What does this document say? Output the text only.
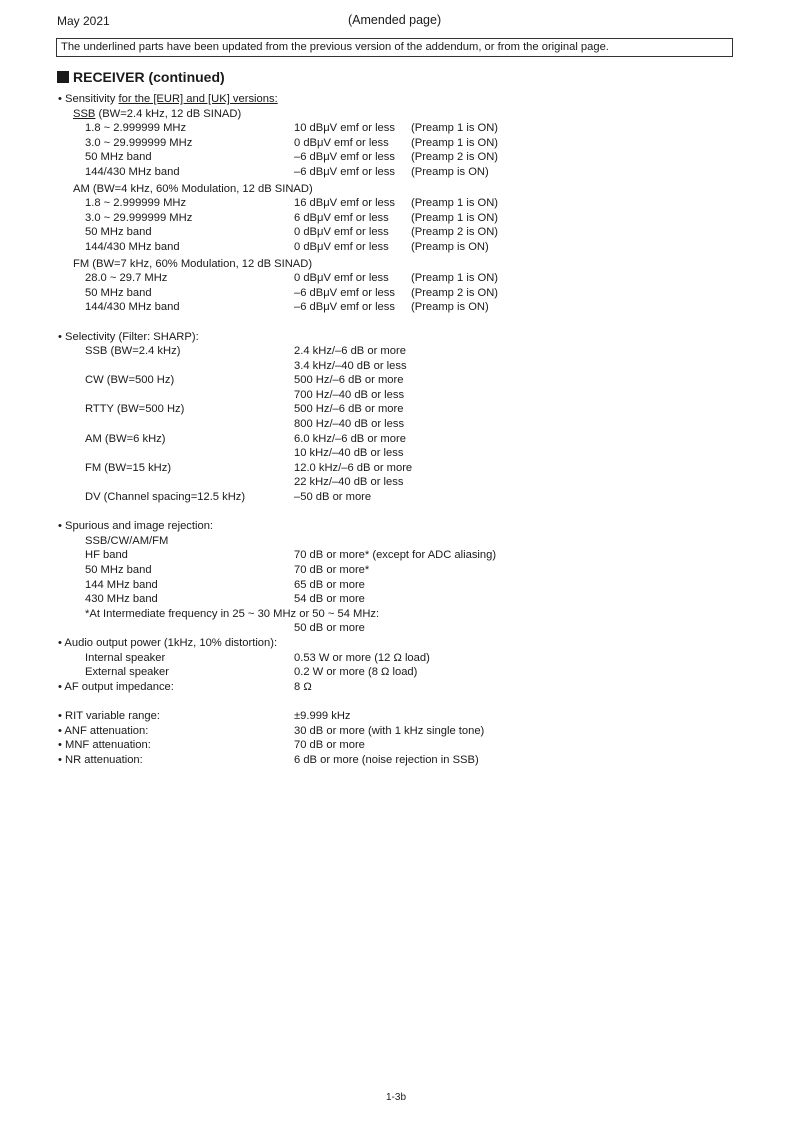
May 2021	(Amended page)
The underlined parts have been updated from the previous version of the addendum, or from the original page.
RECEIVER (continued)
• Sensitivity for the [EUR] and [UK] versions:
SSB (BW=2.4 kHz, 12 dB SINAD)
1.8 ~ 2.999999 MHz	10 dBμV emf or less (Preamp 1 is ON)
3.0 ~ 29.999999 MHz	0 dBμV emf or less (Preamp 1 is ON)
50 MHz band	–6 dBμV emf or less (Preamp 2 is ON)
144/430 MHz band	–6 dBμV emf or less (Preamp is ON)
AM (BW=4 kHz, 60% Modulation, 12 dB SINAD)
1.8 ~ 2.999999 MHz	16 dBμV emf or less (Preamp 1 is ON)
3.0 ~ 29.999999 MHz	6 dBμV emf or less (Preamp 1 is ON)
50 MHz band	0 dBμV emf or less (Preamp 2 is ON)
144/430 MHz band	0 dBμV emf or less (Preamp is ON)
FM (BW=7 kHz, 60% Modulation, 12 dB SINAD)
28.0 ~ 29.7 MHz	0 dBμV emf or less (Preamp 1 is ON)
50 MHz band	–6 dBμV emf or less (Preamp 2 is ON)
144/430 MHz band	–6 dBμV emf or less (Preamp is ON)
• Selectivity (Filter: SHARP):
SSB (BW=2.4 kHz)	2.4 kHz/–6 dB or more
3.4 kHz/–40 dB or less
CW (BW=500 Hz)	500 Hz/–6 dB or more
700 Hz/–40 dB or less
RTTY (BW=500 Hz)	500 Hz/–6 dB or more
800 Hz/–40 dB or less
AM (BW=6 kHz)	6.0 kHz/–6 dB or more
10 kHz/–40 dB or less
FM (BW=15 kHz)	12.0 kHz/–6 dB or more
22 kHz/–40 dB or less
DV (Channel spacing=12.5 kHz)	–50 dB or more
• Spurious and image rejection:
SSB/CW/AM/FM
HF band	70 dB or more* (except for ADC aliasing)
50 MHz band	70 dB or more*
144 MHz band	65 dB or more
430 MHz band	54 dB or more
*At Intermediate frequency in 25 ~ 30 MHz or 50 ~ 54 MHz:
50 dB or more
• Audio output power (1kHz, 10% distortion):
Internal speaker	0.53 W or more (12 Ω load)
External speaker	0.2 W or more (8 Ω load)
• AF output impedance:	8 Ω
• RIT variable range:	±9.999 kHz
• ANF attenuation:	30 dB or more (with 1 kHz single tone)
• MNF attenuation:	70 dB or more
• NR attenuation:	6 dB or more (noise rejection in SSB)
1-3b
